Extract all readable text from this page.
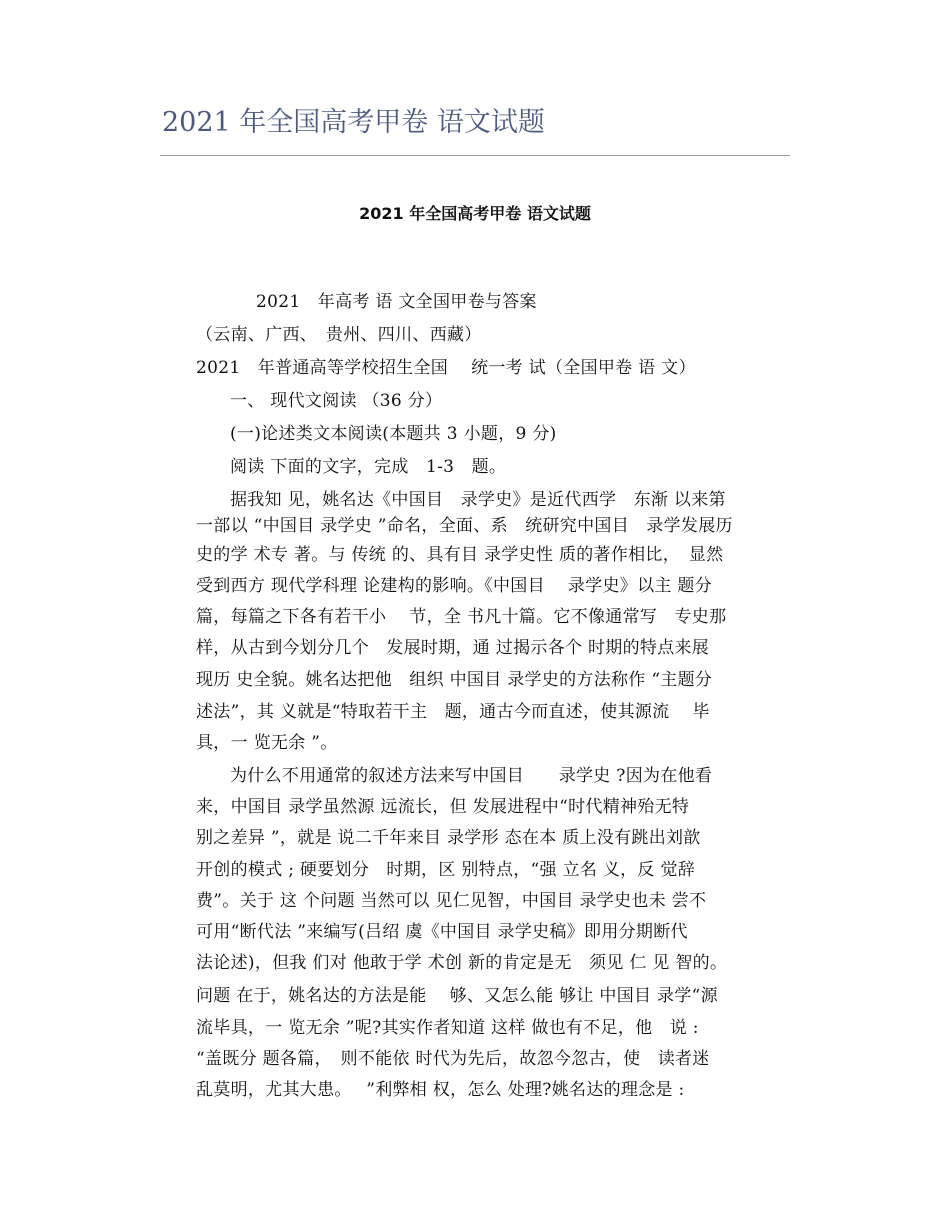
2021 年全国高考甲卷 语文试题
2021 年全国高考甲卷 语文试题
2021　年高考 语 文全国甲卷与答案
（云南、广西、　贵州、四川、西藏）
2021　年普通高等学校招生全国　 统一考 试（全国甲卷 语 文）
一、 现代文阅读 （36 分）
(一)论述类文本阅读(本题共 3 小题，9 分)
阅读 下面的文字，完成　1-3　题。
据我知 见，姚名达《中国目　录学史》是近代西学　东渐 以来第
一部以 “中国目 录学史 ”命名，全面、系　统研究中国目　录学发展历
史的学 术专 著。与 传统 的、具有目 录学史性 质的著作相比，　显然
受到西方 现代学科理 论建构的影响。《中国目　 录学史》以主 题分
篇，每篇之下各有若干小　 节，全 书凡十篇。它不像通常写　专史那
样，从古到今划分几个　发展时期，通 过揭示各个 时期的特点来展
现历 史全貌。姚名达把他　组织 中国目 录学史的方法称作 “主题分
述法”，其 义就是“特取若干主　题，通古今而直述，使其源流　 毕
具，一 览无余 ”。
为什么不用通常的叙述方法来写中国目　　录学史 ?因为在他看
来，中国目 录学虽然源 远流长，但 发展进程中“时代精神殆无特
别之差异 ”，就是 说二千年来目 录学形 态在本 质上没有跳出刘歆
开创的模式 ; 硬要划分　时期，区 别特点，“强 立名 义，反 觉辞
费”。关于 这 个问题 当然可以 见仁见智，中国目 录学史也未 尝不
可用“断代法 ”来编写(吕绍 虞《中国目 录学史稿》即用分期断代
法论述)，但我 们对 他敢于学 术创 新的肯定是无　须见 仁 见 智的。
问题 在于，姚名达的方法是能　 够、又怎么能 够让 中国目 录学“源
流毕具，一 览无余 ”呢?其实作者知道 这样 做也有不足，他　说 :
“盖既分 题各篇，　则不能依 时代为先后，故忽今忽古，使　读者迷
乱莫明，尤其大患。　 ”利弊相 权，怎么 处理?姚名达的理念是 :
